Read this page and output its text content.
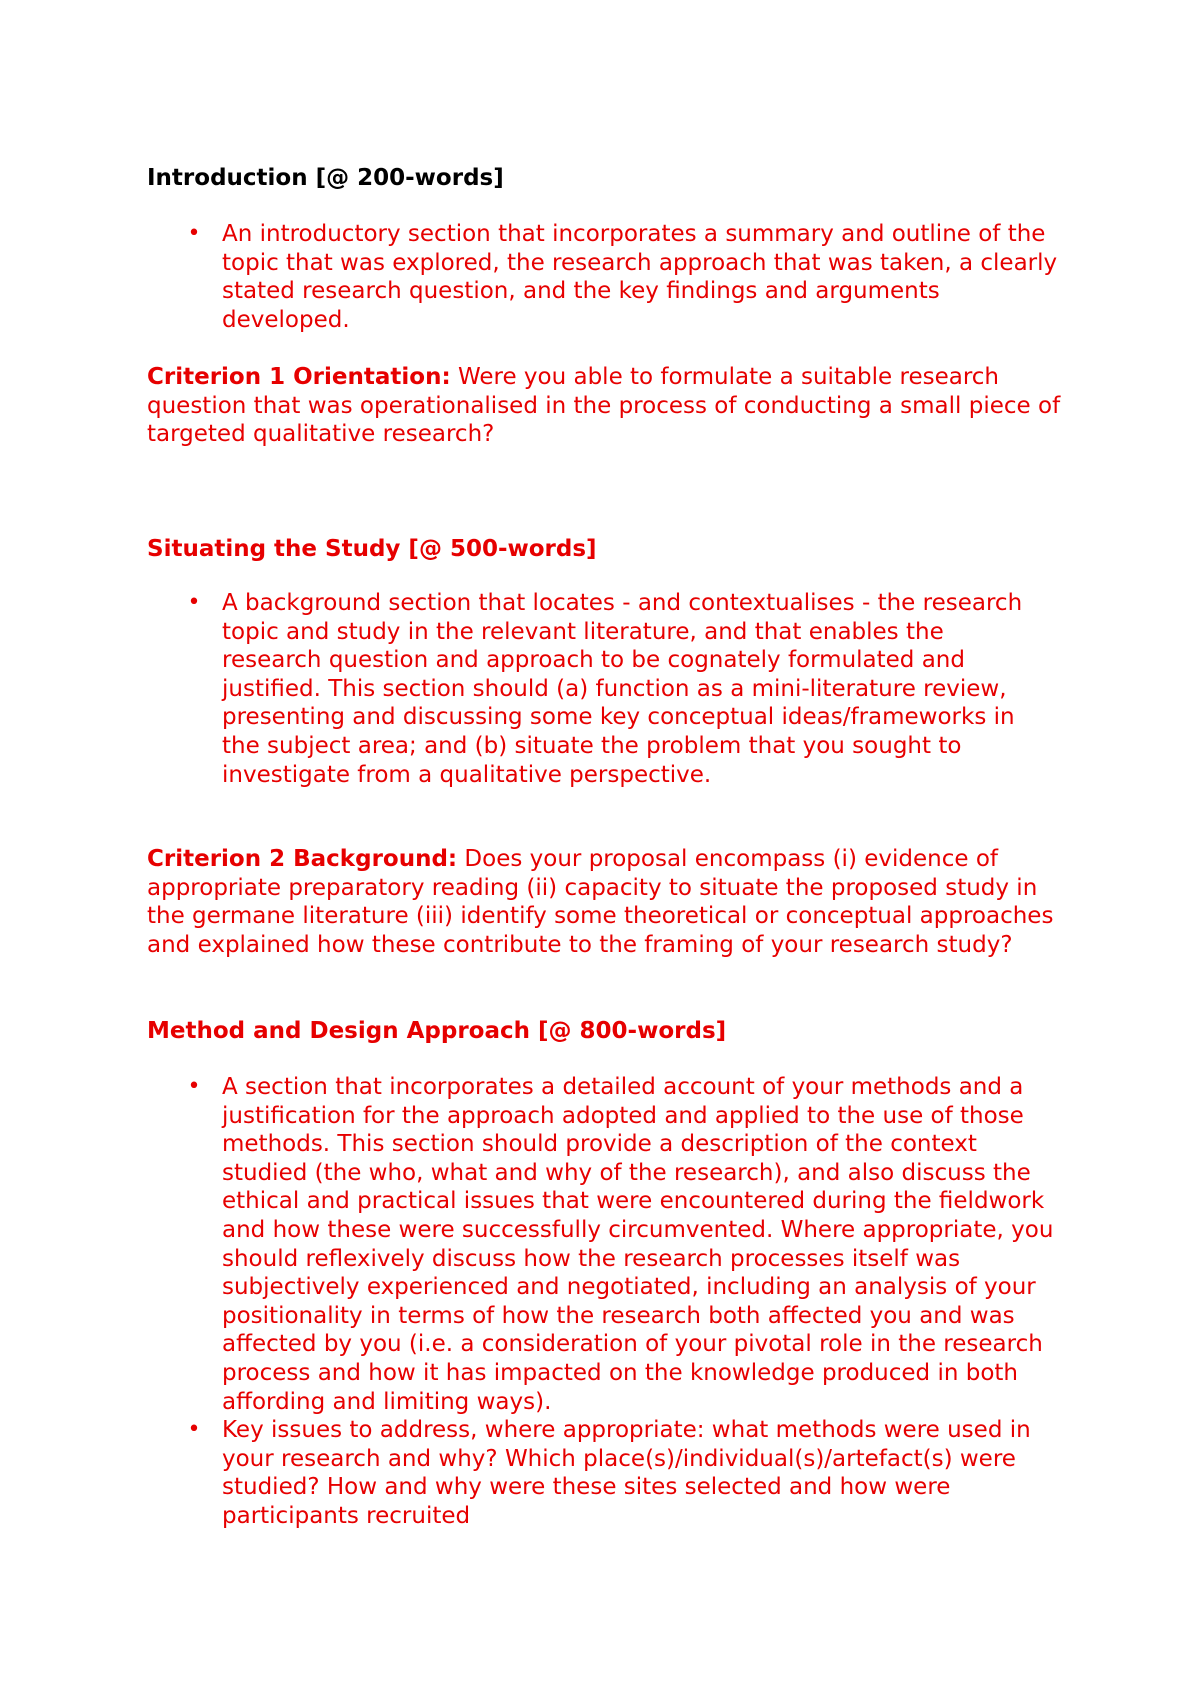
Introduction [@ 200-words]

• An introductory section that incorporates a summary and outline of the topic that was explored, the research approach that was taken, a clearly stated research question, and the key findings and arguments developed.

Criterion 1 Orientation: Were you able to formulate a suitable research question that was operationalised in the process of conducting a small piece of targeted qualitative research?
Situating the Study [@ 500-words]

• A background section that locates - and contextualises - the research topic and study in the relevant literature, and that enables the research question and approach to be cognately formulated and justified. This section should (a) function as a mini-literature review, presenting and discussing some key conceptual ideas/frameworks in the subject area; and (b) situate the problem that you sought to investigate from a qualitative perspective.

Criterion 2 Background: Does your proposal encompass (i) evidence of appropriate preparatory reading (ii) capacity to situate the proposed study in the germane literature (iii) identify some theoretical or conceptual approaches and explained how these contribute to the framing of your research study?
Method and Design Approach [@ 800-words]

• A section that incorporates a detailed account of your methods and a justification for the approach adopted and applied to the use of those methods. This section should provide a description of the context studied (the who, what and why of the research), and also discuss the ethical and practical issues that were encountered during the fieldwork and how these were successfully circumvented. Where appropriate, you should reflexively discuss how the research processes itself was subjectively experienced and negotiated, including an analysis of your positionality in terms of how the research both affected you and was affected by you (i.e. a consideration of your pivotal role in the research process and how it has impacted on the knowledge produced in both affording and limiting ways).

• Key issues to address, where appropriate: what methods were used in your research and why? Which place(s)/individual(s)/artefact(s) were studied? How and why were these sites selected and how were participants recruited
